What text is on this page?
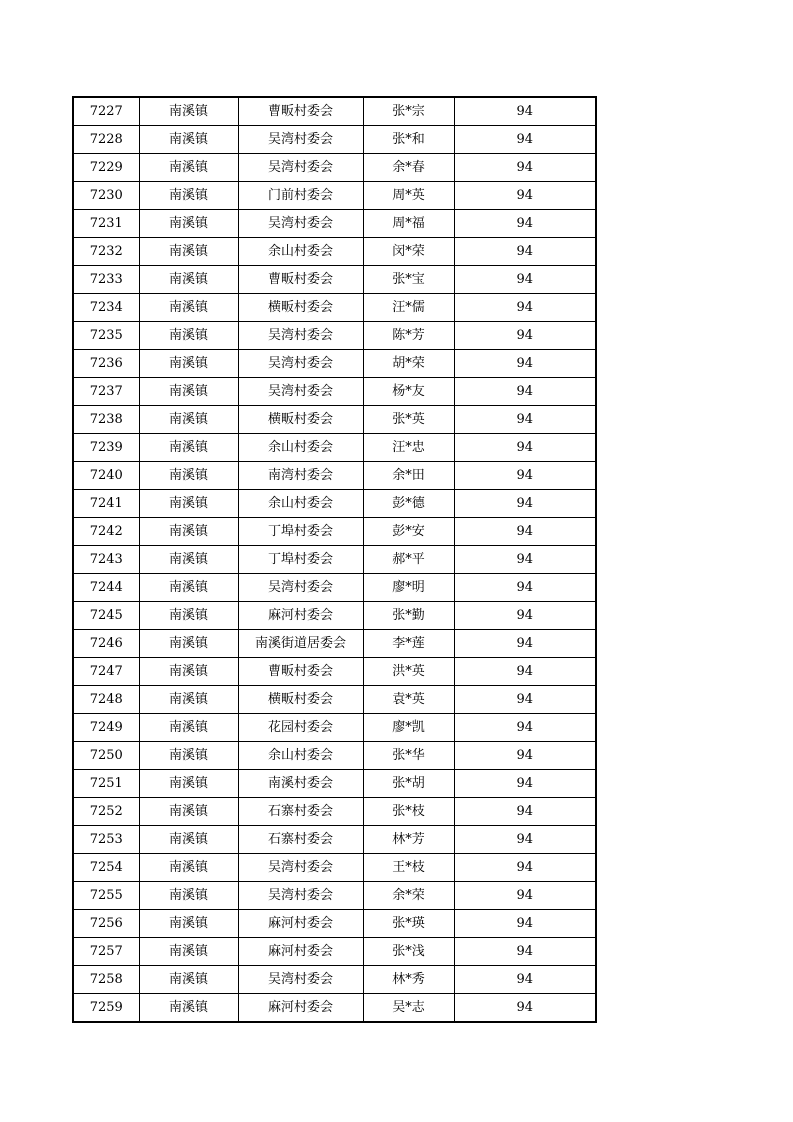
7227	南溪镇	曹畈村委会	张*宗	94
7228	南溪镇	吴湾村委会	张*和	94
7229	南溪镇	吴湾村委会	余*春	94
7230	南溪镇	门前村委会	周*英	94
7231	南溪镇	吴湾村委会	周*福	94
7232	南溪镇	余山村委会	闵*荣	94
7233	南溪镇	曹畈村委会	张*宝	94
7234	南溪镇	横畈村委会	汪*儒	94
7235	南溪镇	吴湾村委会	陈*芳	94
7236	南溪镇	吴湾村委会	胡*荣	94
7237	南溪镇	吴湾村委会	杨*友	94
7238	南溪镇	横畈村委会	张*英	94
7239	南溪镇	余山村委会	汪*忠	94
7240	南溪镇	南湾村委会	余*田	94
7241	南溪镇	余山村委会	彭*德	94
7242	南溪镇	丁埠村委会	彭*安	94
7243	南溪镇	丁埠村委会	郝*平	94
7244	南溪镇	吴湾村委会	廖*明	94
7245	南溪镇	麻河村委会	张*勤	94
7246	南溪镇	南溪街道居委会	李*莲	94
7247	南溪镇	曹畈村委会	洪*英	94
7248	南溪镇	横畈村委会	袁*英	94
7249	南溪镇	花园村委会	廖*凯	94
7250	南溪镇	余山村委会	张*华	94
7251	南溪镇	南溪村委会	张*胡	94
7252	南溪镇	石寨村委会	张*枝	94
7253	南溪镇	石寨村委会	林*芳	94
7254	南溪镇	吴湾村委会	王*枝	94
7255	南溪镇	吴湾村委会	余*荣	94
7256	南溪镇	麻河村委会	张*瑛	94
7257	南溪镇	麻河村委会	张*浅	94
7258	南溪镇	吴湾村委会	林*秀	94
7259	南溪镇	麻河村委会	吴*志	94
